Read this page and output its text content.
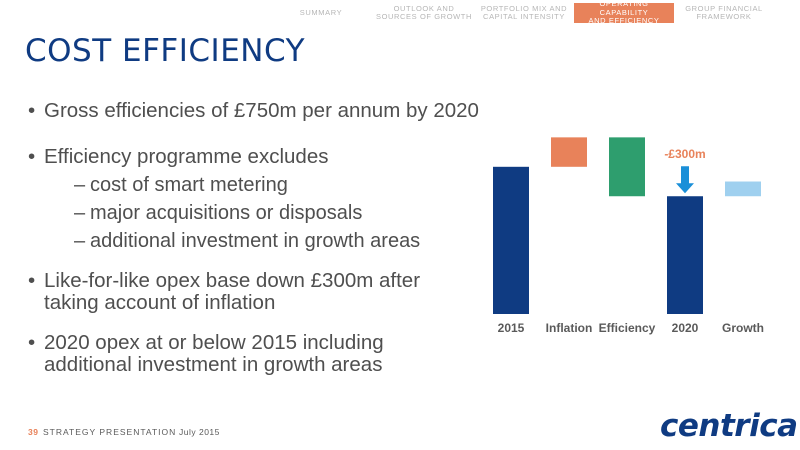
SUMMARY	OUTLOOK AND
SOURCES OF GROWTH
PORTFOLIO MIX AND
CAPITAL INTENSITY
OPERATING CAPABILITY
AND EFFICIENCY
GROUP FINANCIAL
FRAMEWORK
COST EFFICIENCY
• Gross efficiencies of £750m per annum by 2020
• Efficiency programme excludes
– cost of smart metering
– major acquisitions or disposals
– additional investment in growth areas
• Like-for-like opex base down £300m after taking account of inflation
• 2020 opex at or below 2015 including additional investment in growth areas
2015 Inflation Efficiency 2020 Growth
-£300m
39 STRATEGY PRESENTATION July 2015	centrica
